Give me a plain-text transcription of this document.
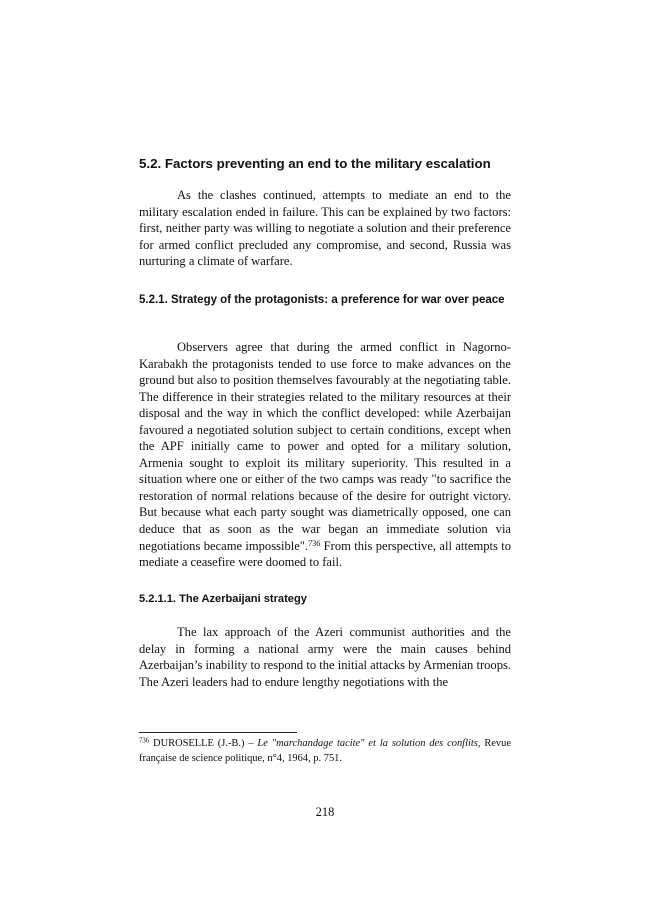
5.2. Factors preventing an end to the military escalation

As the clashes continued, attempts to mediate an end to the military escalation ended in failure. This can be explained by two factors: first, neither party was willing to negotiate a solution and their preference for armed conflict precluded any compromise, and second, Russia was nurturing a climate of warfare.

5.2.1. Strategy of the protagonists: a preference for war over peace

Observers agree that during the armed conflict in Nagorno-Karabakh the protagonists tended to use force to make advances on the ground but also to position themselves favourably at the negotiating table. The difference in their strategies related to the military resources at their disposal and the way in which the conflict developed: while Azerbaijan favoured a negotiated solution subject to certain conditions, except when the APF initially came to power and opted for a military solution, Armenia sought to exploit its military superiority. This resulted in a situation where one or either of the two camps was ready "to sacrifice the restoration of normal relations because of the desire for outright victory. But because what each party sought was diametrically opposed, one can deduce that as soon as the war began an immediate solution via negotiations became impossible".$^{736}$ From this perspective, all attempts to mediate a ceasefire were doomed to fail.

5.2.1.1. The Azerbaijani strategy

The lax approach of the Azeri communist authorities and the delay in forming a national army were the main causes behind Azerbaijan’s inability to respond to the initial attacks by Armenian troops. The Azeri leaders had to endure lengthy negotiations with the

$^{736}$ DUROSELLE (J.-B.) – Le "marchandage tacite" et la solution des conflits, Revue française de science politique, n°4, 1964, p. 751.

218
